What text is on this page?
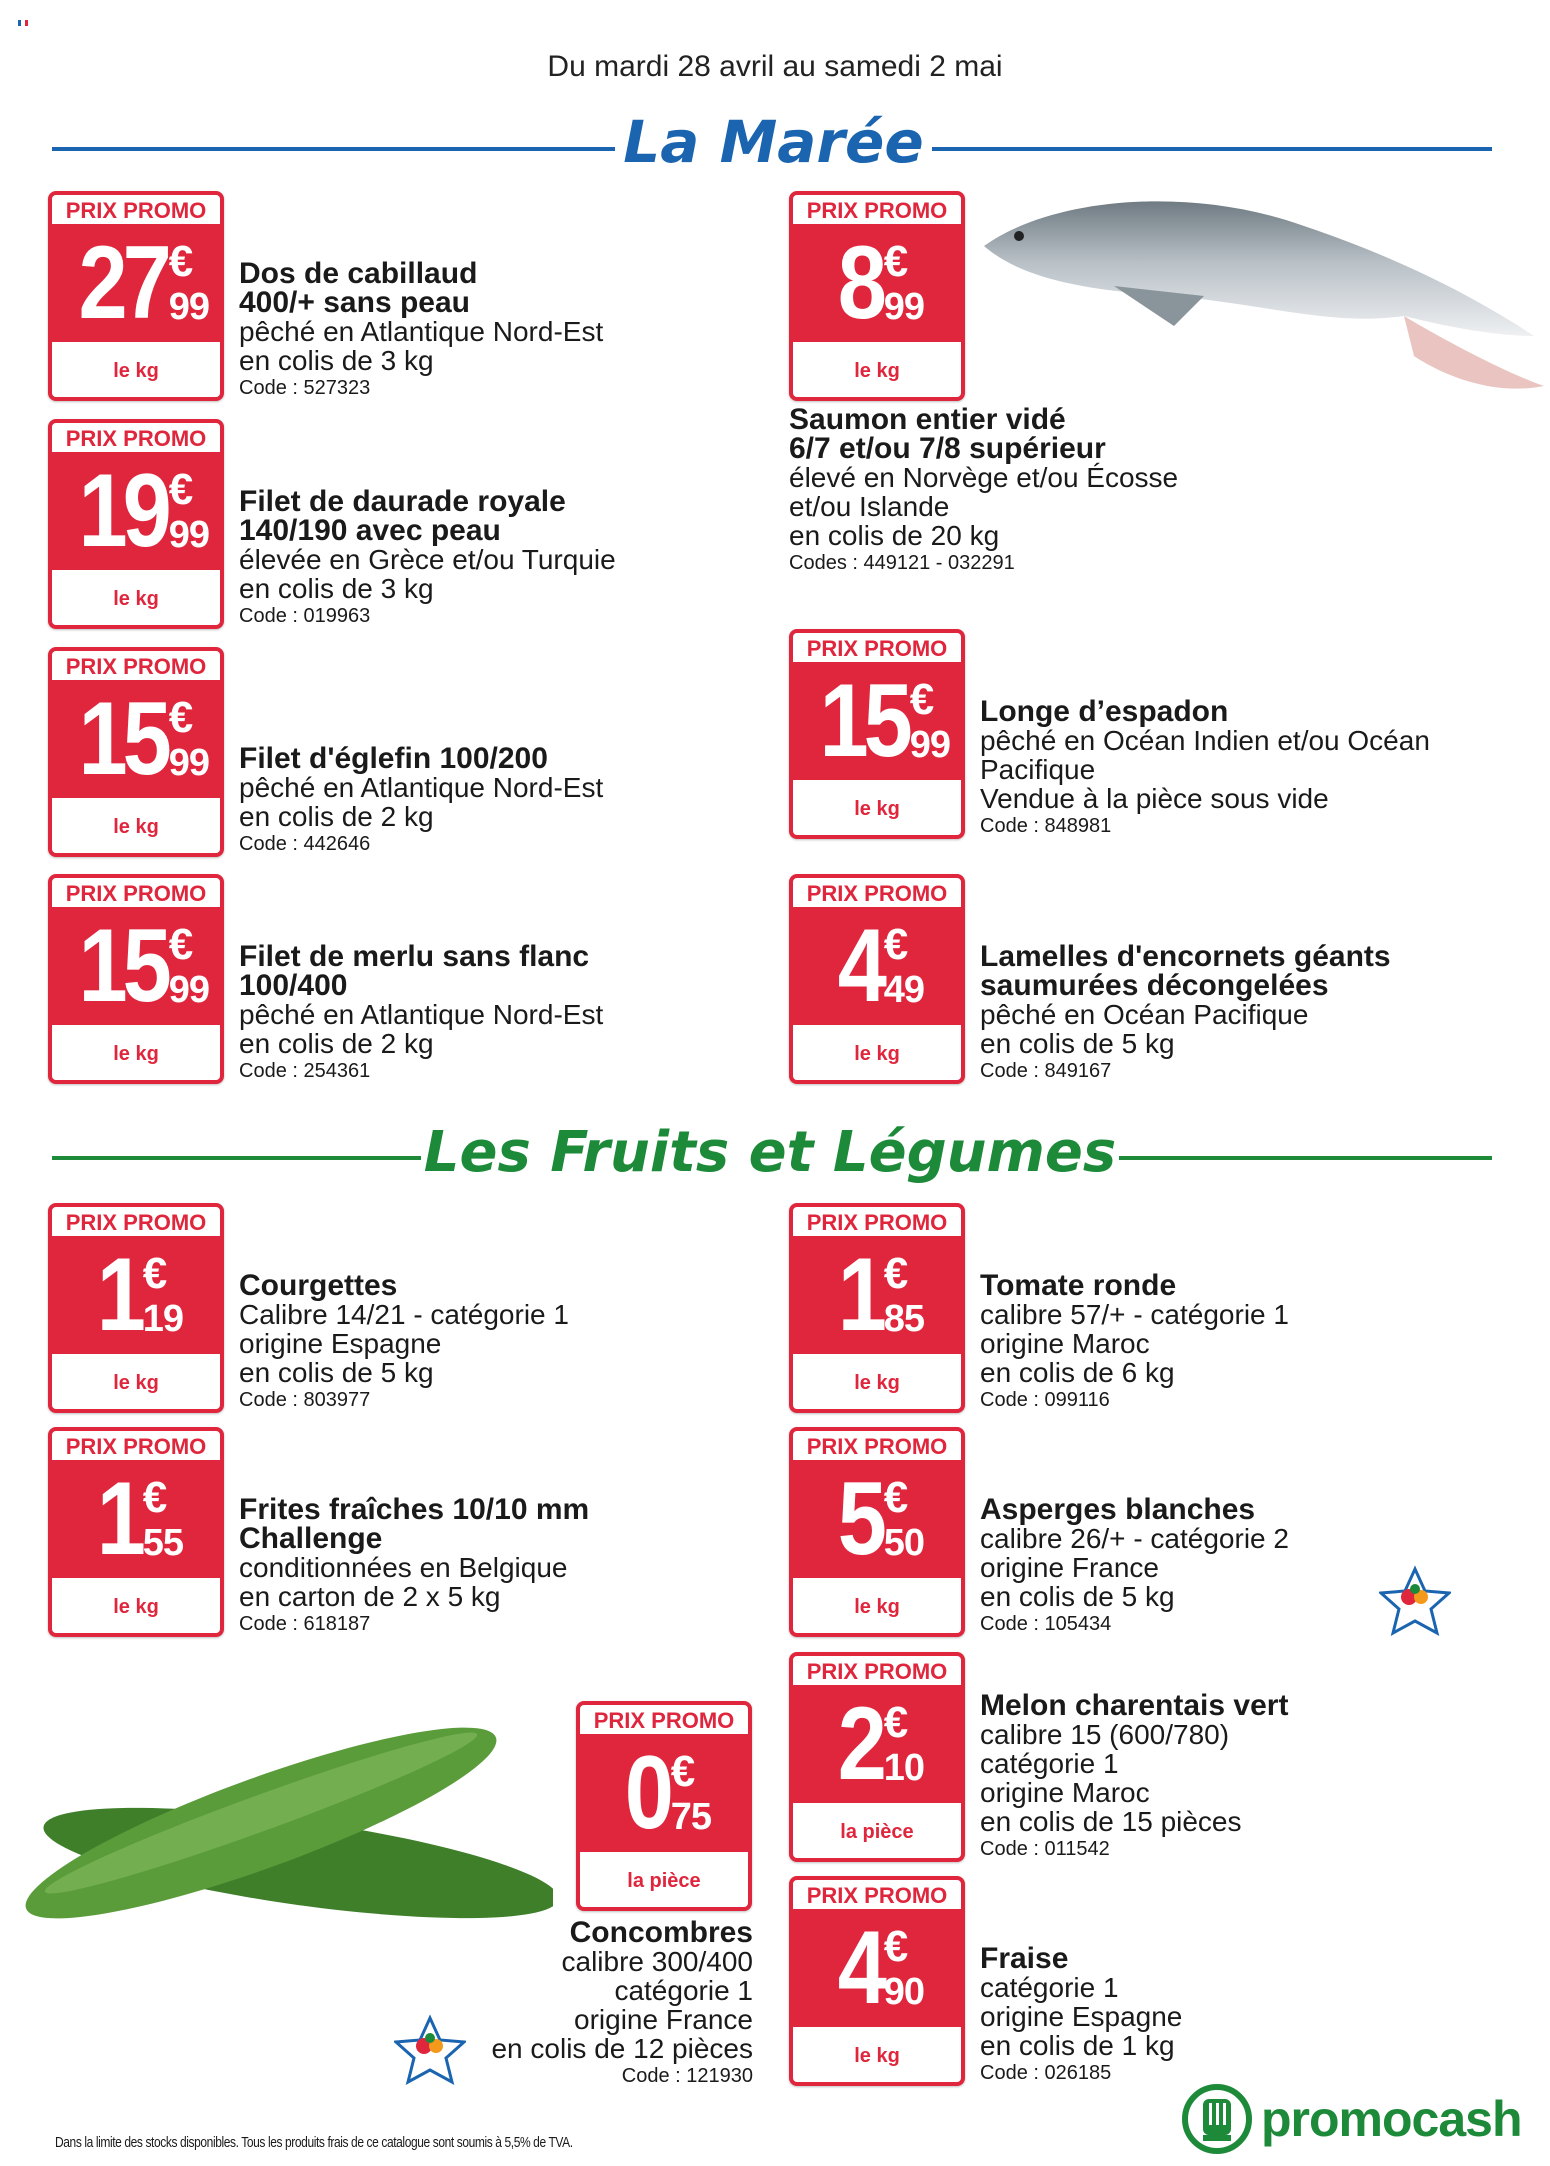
Du mardi 28 avril au samedi 2 mai
La Marée
Les Fruits et Légumes
PRIX PROMO
27 €
99
le kg
Dos de cabillaud
400/+ sans peau
pêché en Atlantique Nord-Est
en colis de 3 kg
Code : 527323
PRIX PROMO
19 €
99
le kg
Filet de daurade royale
140/190 avec peau
élevée en Grèce et/ou Turquie
en colis de 3 kg
Code : 019963
PRIX PROMO
15 €
99
le kg
Filet d'églefin 100/200
pêché en Atlantique Nord-Est
en colis de 2 kg
Code : 442646
PRIX PROMO
15 €
99
le kg
Filet de merlu sans flanc
100/400
pêché en Atlantique Nord-Est
en colis de 2 kg
Code : 254361
PRIX PROMO
8 €
99
le kg
Saumon entier vidé
6/7 et/ou 7/8 supérieur
élevé en Norvège et/ou Écosse
et/ou Islande
en colis de 20 kg
Codes : 449121 - 032291
PRIX PROMO
15 €
99
le kg
Longe d’espadon
pêché en Océan Indien et/ou Océan
Pacifique
Vendue à la pièce sous vide
Code : 848981
PRIX PROMO
4 €
49
le kg
Lamelles d'encornets géants
saumurées décongelées
pêché en Océan Pacifique
en colis de 5 kg
Code : 849167
PRIX PROMO
1 €
19
le kg
Courgettes
Calibre 14/21 - catégorie 1
origine Espagne
en colis de 5 kg
Code : 803977
PRIX PROMO
1 €
55
le kg
Frites fraîches 10/10 mm
Challenge
conditionnées en Belgique
en carton de 2 x 5 kg
Code : 618187
PRIX PROMO
1 €
85
le kg
Tomate ronde
calibre 57/+ - catégorie 1
origine Maroc
en colis de 6 kg
Code : 099116
PRIX PROMO
5 €
50
le kg
Asperges blanches
calibre 26/+ - catégorie 2
origine France
en colis de 5 kg
Code : 105434
PRIX PROMO
2 €
10
la pièce
Melon charentais vert
calibre 15 (600/780)
catégorie 1
origine Maroc
en colis de 15 pièces
Code : 011542
PRIX PROMO
4 €
90
le kg
Fraise
catégorie 1
origine Espagne
en colis de 1 kg
Code : 026185
PRIX PROMO
0 €
75
la pièce
Concombres
calibre 300/400
catégorie 1
origine France
en colis de 12 pièces
Code : 121930
Dans la limite des stocks disponibles. Tous les produits frais de ce catalogue sont soumis à 5,5% de TVA.	promocash
